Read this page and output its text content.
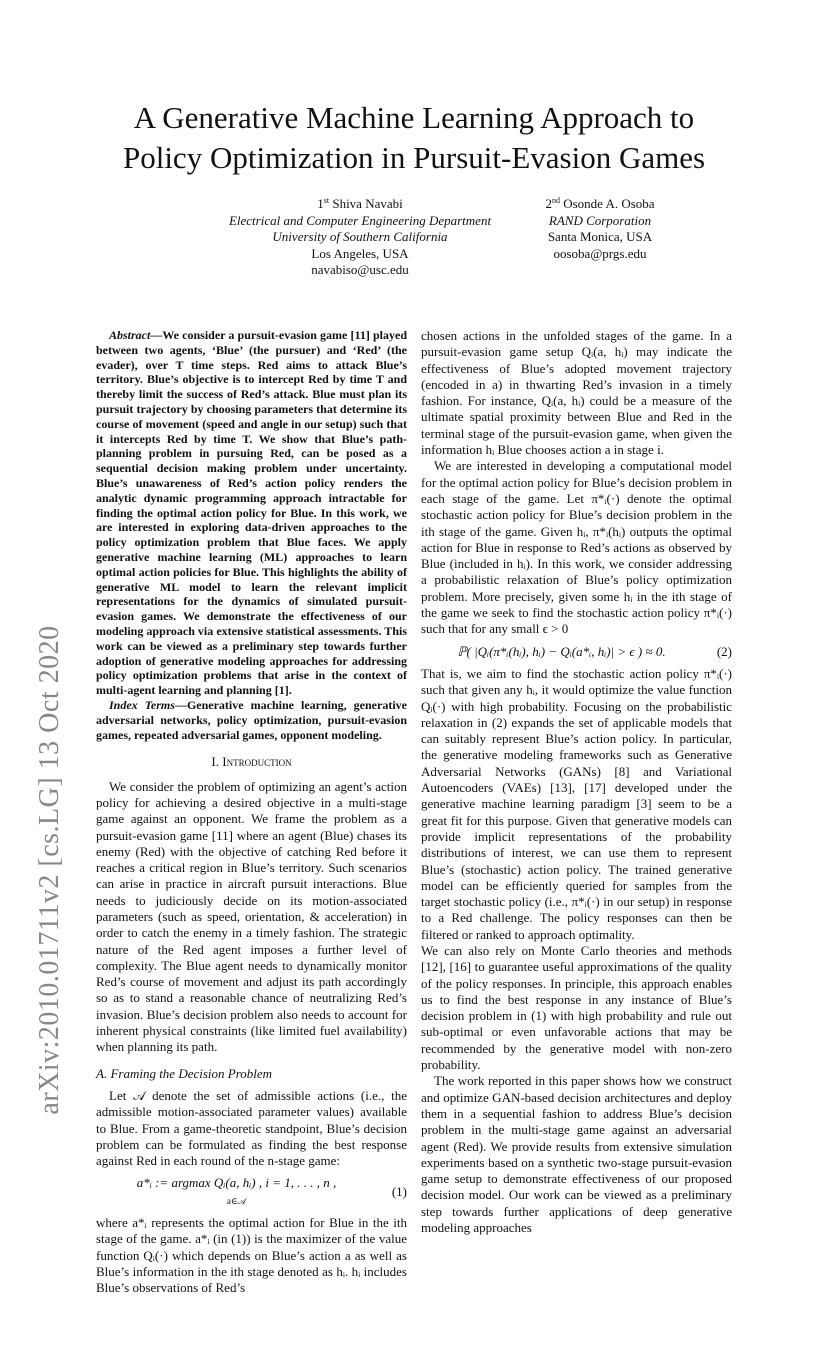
arXiv:2010.01711v2 [cs.LG] 13 Oct 2020
A Generative Machine Learning Approach to
Policy Optimization in Pursuit-Evasion Games
1st Shiva Navabi
Electrical and Computer Engineering Department
University of Southern California
Los Angeles, USA
navabiso@usc.edu
2nd Osonde A. Osoba
RAND Corporation
Santa Monica, USA
oosoba@prgs.edu

Abstract—We consider a pursuit-evasion game [11] played between two agents, ‘Blue’ (the pursuer) and ‘Red’ (the evader), over T time steps. Red aims to attack Blue’s territory. Blue’s objective is to intercept Red by time T and thereby limit the success of Red’s attack. Blue must plan its pursuit trajectory by choosing parameters that determine its course of movement (speed and angle in our setup) such that it intercepts Red by time T. We show that Blue’s path-planning problem in pursuing Red, can be posed as a sequential decision making problem under uncertainty. Blue’s unawareness of Red’s action policy renders the analytic dynamic programming approach intractable for finding the optimal action policy for Blue. In this work, we are interested in exploring data-driven approaches to the policy optimization problem that Blue faces. We apply generative machine learning (ML) approaches to learn optimal action policies for Blue. This highlights the ability of generative ML model to learn the relevant implicit representations for the dynamics of simulated pursuit-evasion games. We demonstrate the effectiveness of our modeling approach via extensive statistical assessments. This work can be viewed as a preliminary step towards further adoption of generative modeling approaches for addressing policy optimization problems that arise in the context of multi-agent learning and planning [1].

Index Terms—Generative machine learning, generative adversarial networks, policy optimization, pursuit-evasion games, repeated adversarial games, opponent modeling.

I. Introduction

We consider the problem of optimizing an agent’s action policy for achieving a desired objective in a multi-stage game against an opponent. We frame the problem as a pursuit-evasion game [11] where an agent (Blue) chases its enemy (Red) with the objective of catching Red before it reaches a critical region in Blue’s territory. Such scenarios can arise in practice in aircraft pursuit interactions. Blue needs to judiciously decide on its motion-associated parameters (such as speed, orientation, & acceleration) in order to catch the enemy in a timely fashion. The strategic nature of the Red agent imposes a further level of complexity. The Blue agent needs to dynamically monitor Red’s course of movement and adjust its path accordingly so as to stand a reasonable chance of neutralizing Red’s invasion. Blue’s decision problem also needs to account for inherent physical constraints (like limited fuel availability) when planning its path.

A. Framing the Decision Problem

Let 𝒜 denote the set of admissible actions (i.e., the admissible motion-associated parameter values) available to Blue. From a game-theoretic standpoint, Blue’s decision problem can be formulated as finding the best response against Red in each round of the n-stage game:

a*ᵢ := argmax Qᵢ(a, hᵢ) , i = 1, . . . , n ,
a∈𝒜
(1)

where a*ᵢ represents the optimal action for Blue in the ith stage of the game. a*ᵢ (in (1)) is the maximizer of the value function Qᵢ(·) which depends on Blue’s action a as well as Blue’s information in the ith stage denoted as hᵢ. hᵢ includes Blue’s observations of Red’s

chosen actions in the unfolded stages of the game. In a pursuit-evasion game setup Qᵢ(a, hᵢ) may indicate the effectiveness of Blue’s adopted movement trajectory (encoded in a) in thwarting Red’s invasion in a timely fashion. For instance, Qᵢ(a, hᵢ) could be a measure of the ultimate spatial proximity between Blue and Red in the terminal stage of the pursuit-evasion game, when given the information hᵢ Blue chooses action a in stage i.

We are interested in developing a computational model for the optimal action policy for Blue’s decision problem in each stage of the game. Let π*ᵢ(·) denote the optimal stochastic action policy for Blue’s decision problem in the ith stage of the game. Given hᵢ, π*ᵢ(hᵢ) outputs the optimal action for Blue in response to Red’s actions as observed by Blue (included in hᵢ). In this work, we consider addressing a probabilistic relaxation of Blue’s policy optimization problem. More precisely, given some hᵢ in the ith stage of the game we seek to find the stochastic action policy π*ᵢ(·) such that for any small ϵ > 0

ℙ( |Qᵢ(π*ᵢ(hᵢ), hᵢ) − Qᵢ(a*ᵢ, hᵢ)| > ϵ ) ≈ 0.	(2)

That is, we aim to find the stochastic action policy π*ᵢ(·) such that given any hᵢ, it would optimize the value function Qᵢ(·) with high probability. Focusing on the probabilistic relaxation in (2) expands the set of applicable models that can suitably represent Blue’s action policy. In particular, the generative modeling frameworks such as Generative Adversarial Networks (GANs) [8] and Variational Autoencoders (VAEs) [13], [17] developed under the generative machine learning paradigm [3] seem to be a great fit for this purpose. Given that generative models can provide implicit representations of the probability distributions of interest, we can use them to represent Blue’s (stochastic) action policy. The trained generative model can be efficiently queried for samples from the target stochastic policy (i.e., π*ᵢ(·) in our setup) in response to a Red challenge. The policy responses can then be filtered or ranked to approach optimality.

We can also rely on Monte Carlo theories and methods [12], [16] to guarantee useful approximations of the quality of the policy responses. In principle, this approach enables us to find the best response in any instance of Blue’s decision problem in (1) with high probability and rule out sub-optimal or even unfavorable actions that may be recommended by the generative model with non-zero probability.

The work reported in this paper shows how we construct and optimize GAN-based decision architectures and deploy them in a sequential fashion to address Blue’s decision problem in the multi-stage game against an adversarial agent (Red). We provide results from extensive simulation experiments based on a synthetic two-stage pursuit-evasion game setup to demonstrate effectiveness of our proposed decision model. Our work can be viewed as a preliminary step towards further applications of deep generative modeling approaches
